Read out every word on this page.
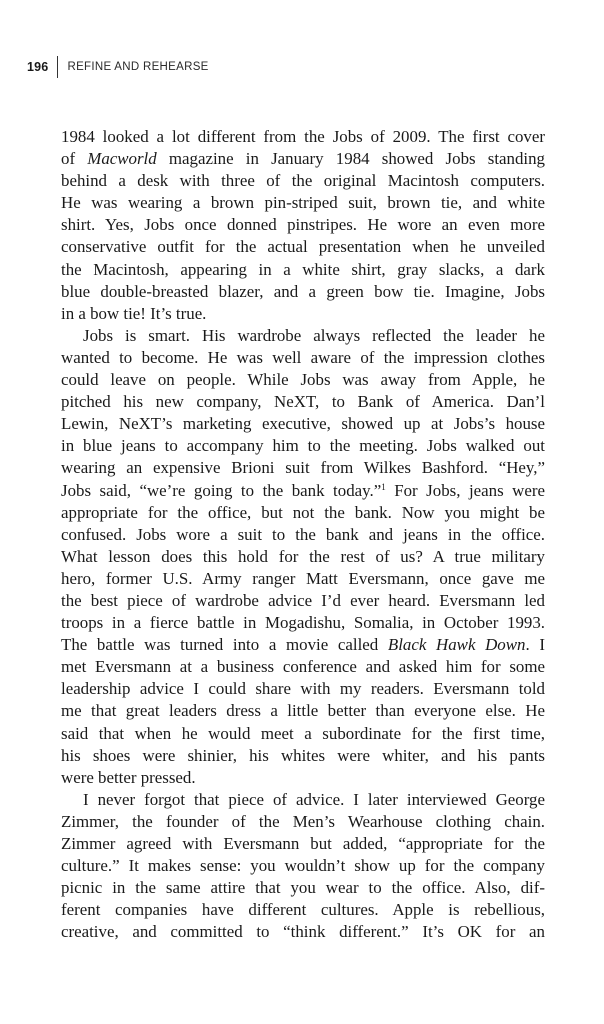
196 REFINE AND REHEARSE
1984 looked a lot different from the Jobs of 2009. The first cover
of Macworld magazine in January 1984 showed Jobs standing
behind a desk with three of the original Macintosh computers.
He was wearing a brown pin-striped suit, brown tie, and white
shirt. Yes, Jobs once donned pinstripes. He wore an even more
conservative outfit for the actual presentation when he unveiled
the Macintosh, appearing in a white shirt, gray slacks, a dark
blue double-breasted blazer, and a green bow tie. Imagine, Jobs
in a bow tie! It’s true.
Jobs is smart. His wardrobe always reflected the leader he
wanted to become. He was well aware of the impression clothes
could leave on people. While Jobs was away from Apple, he
pitched his new company, NeXT, to Bank of America. Dan’l
Lewin, NeXT’s marketing executive, showed up at Jobs’s house
in blue jeans to accompany him to the meeting. Jobs walked out
wearing an expensive Brioni suit from Wilkes Bashford. “Hey,”
Jobs said, “we’re going to the bank today.”$^1$ For Jobs, jeans were
appropriate for the office, but not the bank. Now you might be
confused. Jobs wore a suit to the bank and jeans in the office.
What lesson does this hold for the rest of us? A true military
hero, former U.S. Army ranger Matt Eversmann, once gave me
the best piece of wardrobe advice I’d ever heard. Eversmann led
troops in a fierce battle in Mogadishu, Somalia, in October 1993.
The battle was turned into a movie called Black Hawk Down. I
met Eversmann at a business conference and asked him for some
leadership advice I could share with my readers. Eversmann told
me that great leaders dress a little better than everyone else. He
said that when he would meet a subordinate for the first time,
his shoes were shinier, his whites were whiter, and his pants
were better pressed.
I never forgot that piece of advice. I later interviewed George
Zimmer, the founder of the Men’s Wearhouse clothing chain.
Zimmer agreed with Eversmann but added, “appropriate for the
culture.” It makes sense: you wouldn’t show up for the company
picnic in the same attire that you wear to the office. Also, dif-
ferent companies have different cultures. Apple is rebellious,
creative, and committed to “think different.” It’s OK for an
